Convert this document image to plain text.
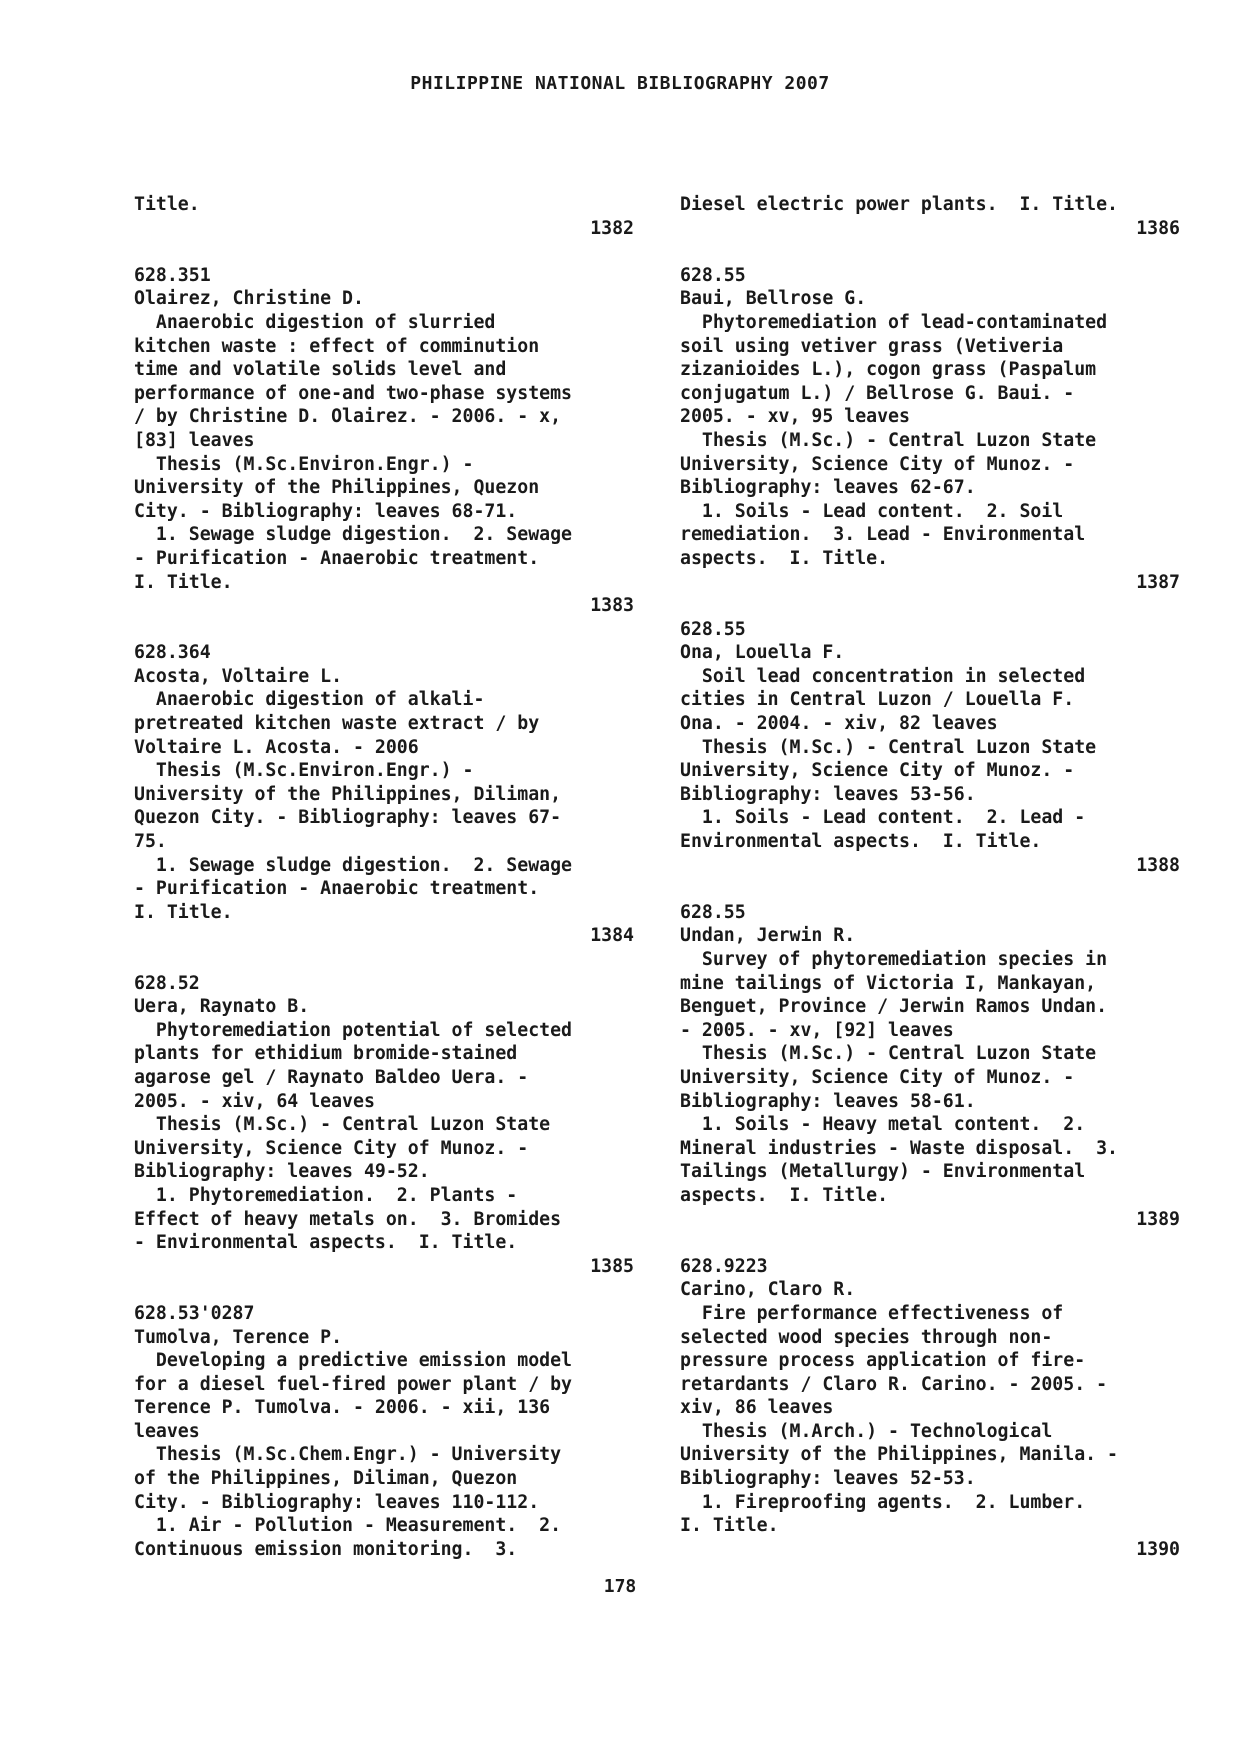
PHILIPPINE NATIONAL BIBLIOGRAPHY 2007
Title.
1382
628.351
Olairez, Christine D.
Anaerobic digestion of slurried
kitchen waste : effect of comminution
time and volatile solids level and
performance of one-and two-phase systems
/ by Christine D. Olairez. - 2006. - x,
[83] leaves
Thesis (M.Sc.Environ.Engr.) -
University of the Philippines, Quezon
City. - Bibliography: leaves 68-71.
1. Sewage sludge digestion.  2. Sewage
- Purification - Anaerobic treatment.
I. Title.
1383
628.364
Acosta, Voltaire L.
Anaerobic digestion of alkali-
pretreated kitchen waste extract / by
Voltaire L. Acosta. - 2006
Thesis (M.Sc.Environ.Engr.) -
University of the Philippines, Diliman,
Quezon City. - Bibliography: leaves 67-
75.
1. Sewage sludge digestion.  2. Sewage
- Purification - Anaerobic treatment.
I. Title.
1384
628.52
Uera, Raynato B.
Phytoremediation potential of selected
plants for ethidium bromide-stained
agarose gel / Raynato Baldeo Uera. -
2005. - xiv, 64 leaves
Thesis (M.Sc.) - Central Luzon State
University, Science City of Munoz. -
Bibliography: leaves 49-52.
1. Phytoremediation.  2. Plants -
Effect of heavy metals on.  3. Bromides
- Environmental aspects.  I. Title.
1385
628.53'0287
Tumolva, Terence P.
Developing a predictive emission model
for a diesel fuel-fired power plant / by
Terence P. Tumolva. - 2006. - xii, 136
leaves
Thesis (M.Sc.Chem.Engr.) - University
of the Philippines, Diliman, Quezon
City. - Bibliography: leaves 110-112.
1. Air - Pollution - Measurement.  2.
Continuous emission monitoring.  3.
Diesel electric power plants.  I. Title.
1386
628.55
Baui, Bellrose G.
Phytoremediation of lead-contaminated
soil using vetiver grass (Vetiveria
zizanioides L.), cogon grass (Paspalum
conjugatum L.) / Bellrose G. Baui. -
2005. - xv, 95 leaves
Thesis (M.Sc.) - Central Luzon State
University, Science City of Munoz. -
Bibliography: leaves 62-67.
1. Soils - Lead content.  2. Soil
remediation.  3. Lead - Environmental
aspects.  I. Title.
1387
628.55
Ona, Louella F.
Soil lead concentration in selected
cities in Central Luzon / Louella F.
Ona. - 2004. - xiv, 82 leaves
Thesis (M.Sc.) - Central Luzon State
University, Science City of Munoz. -
Bibliography: leaves 53-56.
1. Soils - Lead content.  2. Lead -
Environmental aspects.  I. Title.
1388
628.55
Undan, Jerwin R.
Survey of phytoremediation species in
mine tailings of Victoria I, Mankayan,
Benguet, Province / Jerwin Ramos Undan.
- 2005. - xv, [92] leaves
Thesis (M.Sc.) - Central Luzon State
University, Science City of Munoz. -
Bibliography: leaves 58-61.
1. Soils - Heavy metal content.  2.
Mineral industries - Waste disposal.  3.
Tailings (Metallurgy) - Environmental
aspects.  I. Title.
1389
628.9223
Carino, Claro R.
Fire performance effectiveness of
selected wood species through non-
pressure process application of fire-
retardants / Claro R. Carino. - 2005. -
xiv, 86 leaves
Thesis (M.Arch.) - Technological
University of the Philippines, Manila. -
Bibliography: leaves 52-53.
1. Fireproofing agents.  2. Lumber.
I. Title.
1390
178
